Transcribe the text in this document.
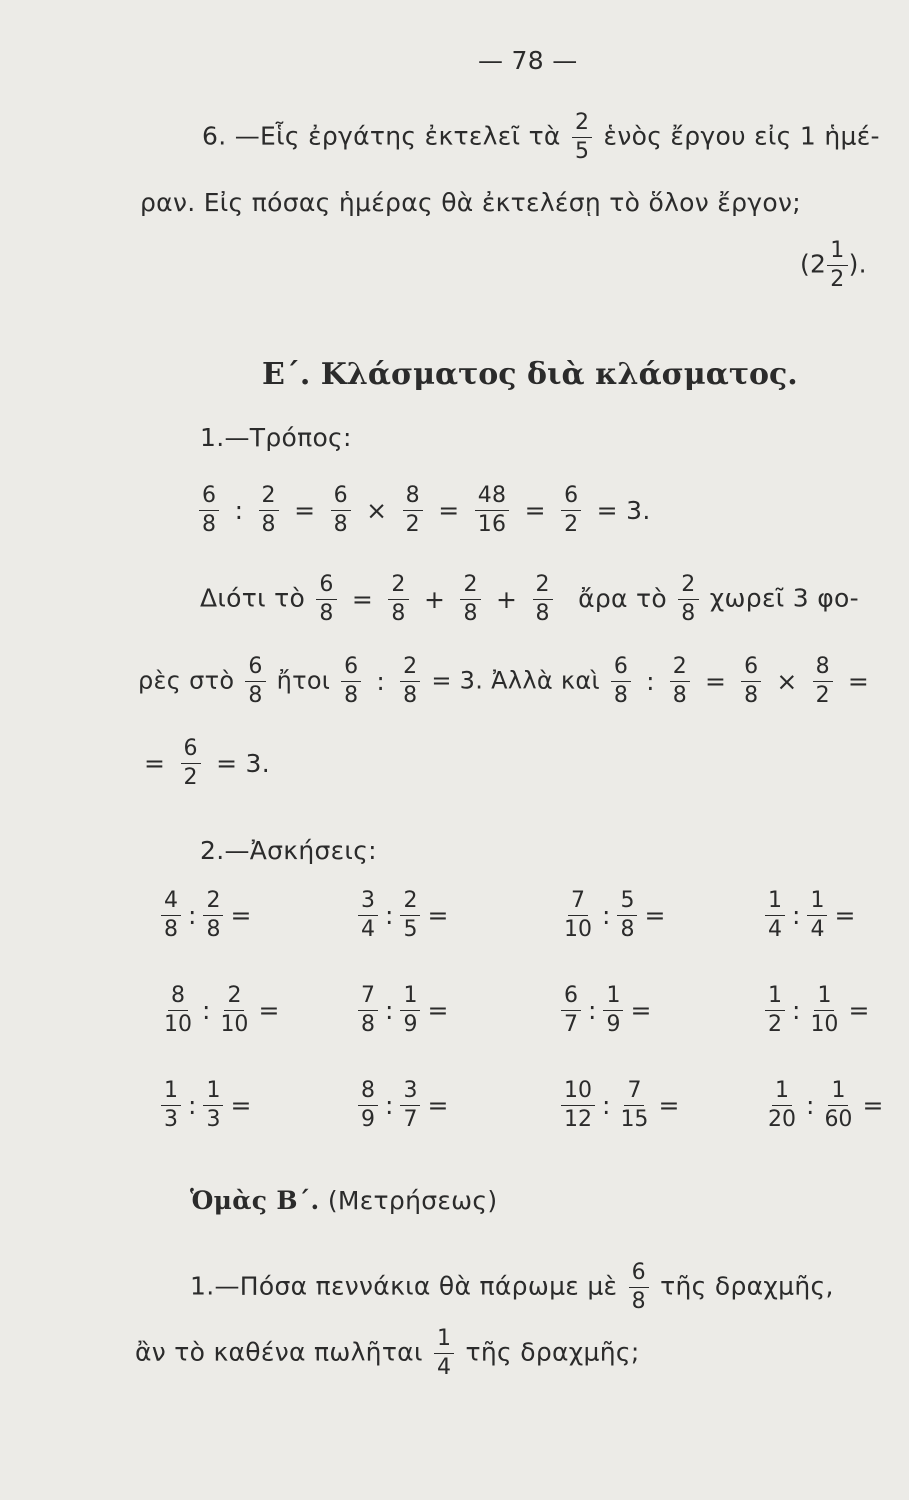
— 78 —
6. —Εἷς ἐργάτης ἐκτελεῖ τὰ $\frac{2}{5}$ ἑνὸς ἔργου εἰς 1 ἡμέ-
ραν. Εἰς πόσας ἡμέρας θὰ ἐκτελέσῃ τὸ ὅλον ἔργον;
($2 \frac{1}{2}$ ).
Ε΄. Κλάσματος διὰ κλάσματος.
1.—Τρόπος:
$\frac{6}{8}$ : $\frac{2}{8} = \frac{6}{8} \times \frac{8}{2} = \frac{48}{16} = \frac{6}{2} = 3$.
Διότι τὸ $\frac{6}{8} = \frac{2}{8} + \frac{2}{8} + \frac{2}{8}$ ἄρα τὸ $\frac{2}{8}$ χωρεῖ 3 φο-
ρὲς στὸ $\frac{6}{8}$ ἤτοι $\frac{6}{8}$ : $\frac{2}{8} = 3$. Ἀλλὰ καὶ $\frac{6}{8}$ : $\frac{2}{8} = \frac{6}{8} \times \frac{8}{2}$ =
= $\frac{6}{2} = 3$.
2.—Ἀσκήσεις:
$\frac{4}{8}$ : $\frac{2}{8}$ =	$\frac{3}{4}$ : $\frac{2}{5}$ =	$\frac{7}{10}$ : $\frac{5}{8}$ =	$\frac{1}{4}$ : $\frac{1}{4}$ =
$\frac{8}{10}$ : $\frac{2}{10}$ =	$\frac{7}{8}$ : $\frac{1}{9}$ =	$\frac{6}{7}$ : $\frac{1}{9}$ =	$\frac{1}{2}$ : $\frac{1}{10}$ =
$\frac{1}{3}$ : $\frac{1}{3}$ =	$\frac{8}{9}$ : $\frac{3}{7}$ =	$\frac{10}{12}$ : $\frac{7}{15}$ =	$\frac{1}{20}$ : $\frac{1}{60}$ =
Ὁμὰς Β΄. (Μετρήσεως)
1.—Πόσα πεννάκια θὰ πάρωμε μὲ $\frac{6}{8}$ τῆς δραχμῆς,
ἂν τὸ καθένα πωλῆται $\frac{1}{4}$ τῆς δραχμῆς;
